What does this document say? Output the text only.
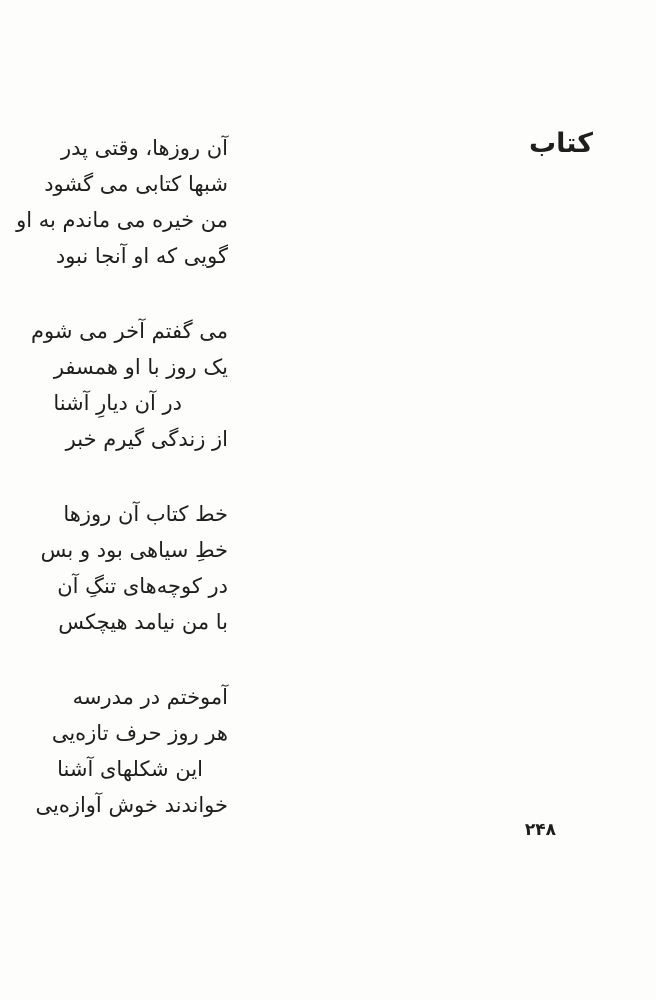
کتاب
آن روزها، وقتی پدر
شبها کتابی می گشود
من خیره می ماندم به او
گویی که او آنجا نبود
می گفتم آخر می شوم
یک روز با او همسفر
در آن دیارِ آشنا
از زندگی گیرم خبر
خط کتاب آن روزها
خطِ سیاهی بود و بس
در کوچه‌های تنگِ آن
با من نیامد هیچکس
آموختم در مدرسه
هر روز حرف تازه‌یی
این شکلهای آشنا
خواندند خوش آوازه‌یی
۲۴۸
